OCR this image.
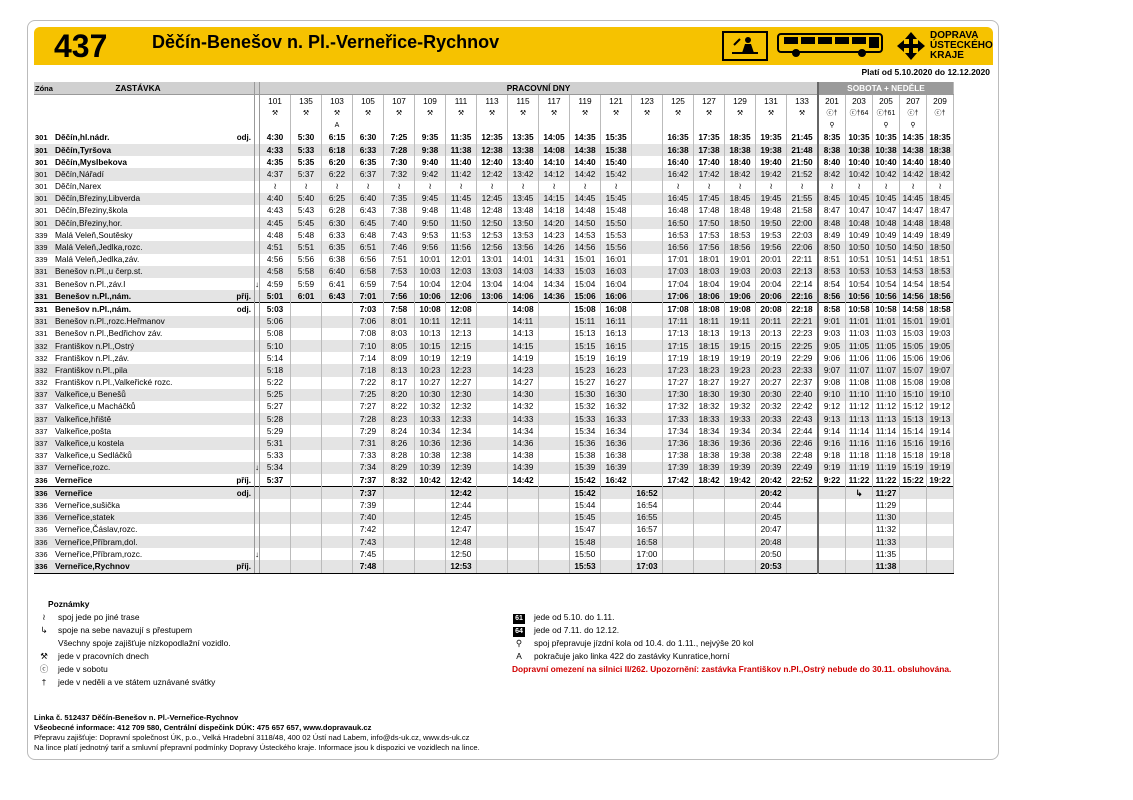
437 Děčín-Benešov n. Pl.-Verneřice-Rychnov	DOPRAVA ÚSTECKÉHO KRAJE
Platí od 5.10.2020 do 12.12.2020
Zóna	ZASTÁVKA			PRACOVNÍ DNY																		SOBOTA + NEDĚLE				
				101	135	103	105	107	109	111	113	115	117	119	121	123	125	127	129	131	133	201	203	205	207	209
				⚒	⚒	⚒	⚒	⚒	⚒	⚒	⚒	⚒	⚒	⚒	⚒	⚒	⚒	⚒	⚒	⚒	⚒	ⓒ†	ⓒ†64	ⓒ†61	ⓒ†	ⓒ†
						A																⚲		⚲	⚲	
301	Děčín,hl.nádr.	odj.		4:30	5:30	6:15	6:30	7:25	9:35	11:35	12:35	13:35	14:05	14:35	15:35		16:35	17:35	18:35	19:35	21:45	8:35	10:35	10:35	14:35	18:35
301	Děčín,Tyršova			4:33	5:33	6:18	6:33	7:28	9:38	11:38	12:38	13:38	14:08	14:38	15:38		16:38	17:38	18:38	19:38	21:48	8:38	10:38	10:38	14:38	18:38
301	Děčín,Myslbekova			4:35	5:35	6:20	6:35	7:30	9:40	11:40	12:40	13:40	14:10	14:40	15:40		16:40	17:40	18:40	19:40	21:50	8:40	10:40	10:40	14:40	18:40
301	Děčín,Nářadí			4:37	5:37	6:22	6:37	7:32	9:42	11:42	12:42	13:42	14:12	14:42	15:42		16:42	17:42	18:42	19:42	21:52	8:42	10:42	10:42	14:42	18:42
301	Děčín,Narex			≀	≀	≀	≀	≀	≀	≀	≀	≀	≀	≀	≀		≀	≀	≀	≀	≀	≀	≀	≀	≀	≀
301	Děčín,Březiny,Libverda			4:40	5:40	6:25	6:40	7:35	9:45	11:45	12:45	13:45	14:15	14:45	15:45		16:45	17:45	18:45	19:45	21:55	8:45	10:45	10:45	14:45	18:45
301	Děčín,Březiny,škola			4:43	5:43	6:28	6:43	7:38	9:48	11:48	12:48	13:48	14:18	14:48	15:48		16:48	17:48	18:48	19:48	21:58	8:47	10:47	10:47	14:47	18:47
301	Děčín,Březiny,hor.			4:45	5:45	6:30	6:45	7:40	9:50	11:50	12:50	13:50	14:20	14:50	15:50		16:50	17:50	18:50	19:50	22:00	8:48	10:48	10:48	14:48	18:48
339	Malá Veleň,Soutěsky			4:48	5:48	6:33	6:48	7:43	9:53	11:53	12:53	13:53	14:23	14:53	15:53		16:53	17:53	18:53	19:53	22:03	8:49	10:49	10:49	14:49	18:49
339	Malá Veleň,Jedlka,rozc.			4:51	5:51	6:35	6:51	7:46	9:56	11:56	12:56	13:56	14:26	14:56	15:56		16:56	17:56	18:56	19:56	22:06	8:50	10:50	10:50	14:50	18:50
339	Malá Veleň,Jedlka,záv.			4:56	5:56	6:38	6:56	7:51	10:01	12:01	13:01	14:01	14:31	15:01	16:01		17:01	18:01	19:01	20:01	22:11	8:51	10:51	10:51	14:51	18:51
331	Benešov n.Pl.,u čerp.st.			4:58	5:58	6:40	6:58	7:53	10:03	12:03	13:03	14:03	14:33	15:03	16:03		17:03	18:03	19:03	20:03	22:13	8:53	10:53	10:53	14:53	18:53
331	Benešov n.Pl.,záv.I		↓	4:59	5:59	6:41	6:59	7:54	10:04	12:04	13:04	14:04	14:34	15:04	16:04		17:04	18:04	19:04	20:04	22:14	8:54	10:54	10:54	14:54	18:54
331	Benešov n.Pl.,nám.	příj.		5:01	6:01	6:43	7:01	7:56	10:06	12:06	13:06	14:06	14:36	15:06	16:06		17:06	18:06	19:06	20:06	22:16	8:56	10:56	10:56	14:56	18:56
331	Benešov n.Pl.,nám.	odj.		5:03			7:03	7:58	10:08	12:08		14:08		15:08	16:08		17:08	18:08	19:08	20:08	22:18	8:58	10:58	10:58	14:58	18:58
331	Benešov n.Pl.,rozc.Heřmanov			5:06			7:06	8:01	10:11	12:11		14:11		15:11	16:11		17:11	18:11	19:11	20:11	22:21	9:01	11:01	11:01	15:01	19:01
331	Benešov n.Pl.,Bedřichov záv.			5:08			7:08	8:03	10:13	12:13		14:13		15:13	16:13		17:13	18:13	19:13	20:13	22:23	9:03	11:03	11:03	15:03	19:03
332	Františkov n.Pl.,Ostrý			5:10			7:10	8:05	10:15	12:15		14:15		15:15	16:15		17:15	18:15	19:15	20:15	22:25	9:05	11:05	11:05	15:05	19:05
332	Františkov n.Pl.,záv.			5:14			7:14	8:09	10:19	12:19		14:19		15:19	16:19		17:19	18:19	19:19	20:19	22:29	9:06	11:06	11:06	15:06	19:06
332	Františkov n.Pl.,pila			5:18			7:18	8:13	10:23	12:23		14:23		15:23	16:23		17:23	18:23	19:23	20:23	22:33	9:07	11:07	11:07	15:07	19:07
332	Františkov n.Pl.,Valkeřické rozc.			5:22			7:22	8:17	10:27	12:27		14:27		15:27	16:27		17:27	18:27	19:27	20:27	22:37	9:08	11:08	11:08	15:08	19:08
337	Valkeřice,u Benešů			5:25			7:25	8:20	10:30	12:30		14:30		15:30	16:30		17:30	18:30	19:30	20:30	22:40	9:10	11:10	11:10	15:10	19:10
337	Valkeřice,u Macháčků			5:27			7:27	8:22	10:32	12:32		14:32		15:32	16:32		17:32	18:32	19:32	20:32	22:42	9:12	11:12	11:12	15:12	19:12
337	Valkeřice,hřiště			5:28			7:28	8:23	10:33	12:33		14:33		15:33	16:33		17:33	18:33	19:33	20:33	22:43	9:13	11:13	11:13	15:13	19:13
337	Valkeřice,pošta			5:29			7:29	8:24	10:34	12:34		14:34		15:34	16:34		17:34	18:34	19:34	20:34	22:44	9:14	11:14	11:14	15:14	19:14
337	Valkeřice,u kostela			5:31			7:31	8:26	10:36	12:36		14:36		15:36	16:36		17:36	18:36	19:36	20:36	22:46	9:16	11:16	11:16	15:16	19:16
337	Valkeřice,u Sedláčků			5:33			7:33	8:28	10:38	12:38		14:38		15:38	16:38		17:38	18:38	19:38	20:38	22:48	9:18	11:18	11:18	15:18	19:18
337	Verneřice,rozc.		↓	5:34			7:34	8:29	10:39	12:39		14:39		15:39	16:39		17:39	18:39	19:39	20:39	22:49	9:19	11:19	11:19	15:19	19:19
336	Verneřice	příj.		5:37			7:37	8:32	10:42	12:42		14:42		15:42	16:42		17:42	18:42	19:42	20:42	22:52	9:22	11:22	11:22	15:22	19:22
336	Verneřice	odj.					7:37			12:42				15:42		16:52				20:42			↳	11:27		
336	Verneřice,sušička						7:39			12:44				15:44		16:54				20:44				11:29		
336	Verneřice,statek						7:40			12:45				15:45		16:55				20:45				11:30		
336	Verneřice,Čáslav,rozc.						7:42			12:47				15:47		16:57				20:47				11:32		
336	Verneřice,Příbram,dol.						7:43			12:48				15:48		16:58				20:48				11:33		
336	Verneřice,Příbram,rozc.		↓				7:45			12:50				15:50		17:00				20:50				11:35		
336	Verneřice,Rychnov	příj.					7:48			12:53				15:53		17:03				20:53				11:38		
Poznámky
≀	spoj jede po jiné trase
↳ spoje na sebe navazují s přestupem
Všechny spoje zajišťuje nízkopodlažní vozidlo.
⚒ jede v pracovních dnech
ⓒ jede v sobotu
†	jede v neděli a ve státem uznávané svátky
61	jede od 5.10. do 1.11.
64	jede od 7.11. do 12.12.
⚲	spoj přepravuje jízdní kola od 10.4. do 1.11., nejvýše 20 kol
A	pokračuje jako linka 422 do zastávky Kunratice,horní
Dopravní omezení na silnici II/262. Upozornění: zastávka Františkov n.Pl.,Ostrý nebude do 30.11. obsluhována.
Linka č. 512437 Děčín-Benešov n. Pl.-Verneřice-Rychnov
Všeobecné informace: 412 709 580, Centrální dispečink DÚK: 475 657 657, www.dopravauk.cz
Přepravu zajišťuje: Dopravní společnost ÚK, p.o., Velká Hradební 3118/48, 400 02 Ústí nad Labem, info@ds-uk.cz, www.ds-uk.cz
Na lince platí jednotný tarif a smluvní přepravní podmínky Dopravy Ústeckého kraje. Informace jsou k dispozici ve vozidlech na lince.
